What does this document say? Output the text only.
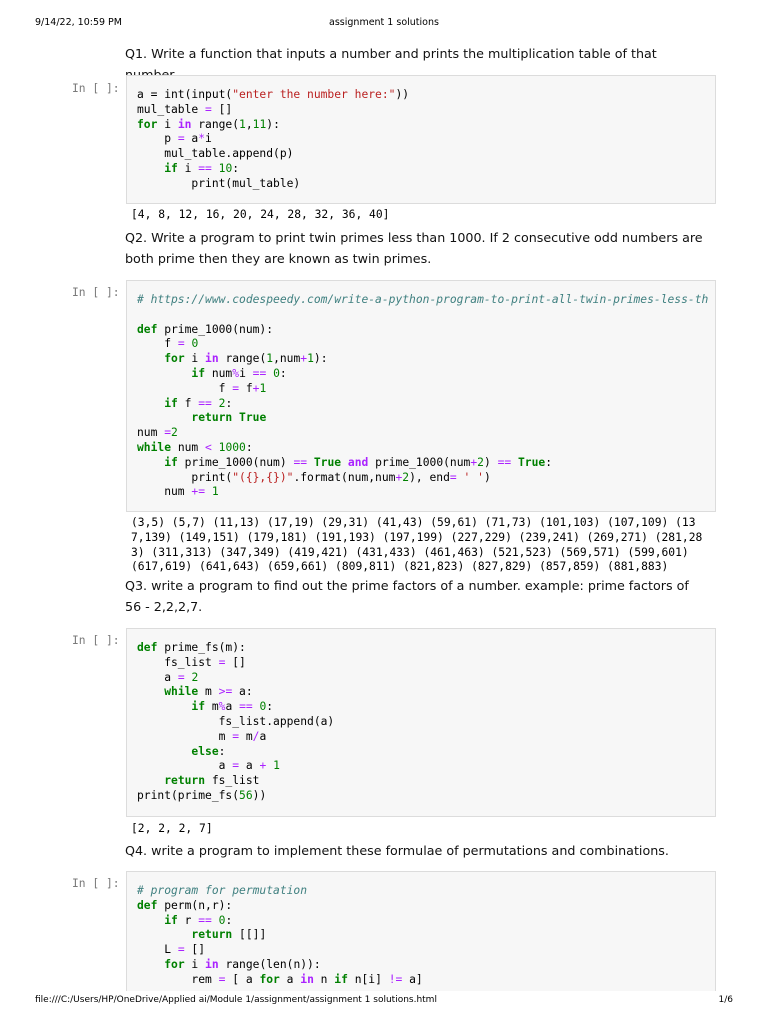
9/14/22, 10:59 PM	assignment 1 solutions
Q1. Write a function that inputs a number and prints the multiplication table of that
In [ ]:	a = int(input("enter the number here:"))
mul_table = []
for i in range(1,11):
p = a*i
mul_table.append(p)
if i == 10:
print(mul_table)
[4, 8, 12, 16, 20, 24, 28, 32, 36, 40]
Q2. Write a program to print twin primes less than 1000. If 2 consecutive odd numbers are both prime then they are known as twin primes.
In [ ]:
# https://www.codespeedy.com/write-a-python-program-to-print-all-twin-primes-less-th

def prime_1000(num):
f = 0
for i in range(1,num+1):
if num%i == 0:
f = f+1
if f == 2:
return True
num =2
while num < 1000:
if prime_1000(num) == True and prime_1000(num+2) == True:
print("({},{})".format(num,num+2), end= ' ')
num += 1
(3,5) (5,7) (11,13) (17,19) (29,31) (41,43) (59,61) (71,73) (101,103) (107,109) (13
7,139) (149,151) (179,181) (191,193) (197,199) (227,229) (239,241) (269,271) (281,28
3) (311,313) (347,349) (419,421) (431,433) (461,463) (521,523) (569,571) (599,601)
(617,619) (641,643) (659,661) (809,811) (821,823) (827,829) (857,859) (881,883)
Q3. write a program to find out the prime factors of a number. example: prime factors of 56 - 2,2,2,7.
In [ ]:
def prime_fs(m):
fs_list = []
a = 2
while m >= a:
if m%a == 0:
fs_list.append(a)
m = m/a
else:
a = a + 1
return fs_list
print(prime_fs(56))
[2, 2, 2, 7]
Q4. write a program to implement these formulae of permutations and combinations.
In [ ]:
# program for permutation
def perm(n,r):
if r == 0:
return [[]]
L = []
for i in range(len(n)):
rem = [ a for a in n if n[i] != a]
file:///C:/Users/HP/OneDrive/Applied ai/Module 1/assignment/assignment 1 solutions.html	1/6
